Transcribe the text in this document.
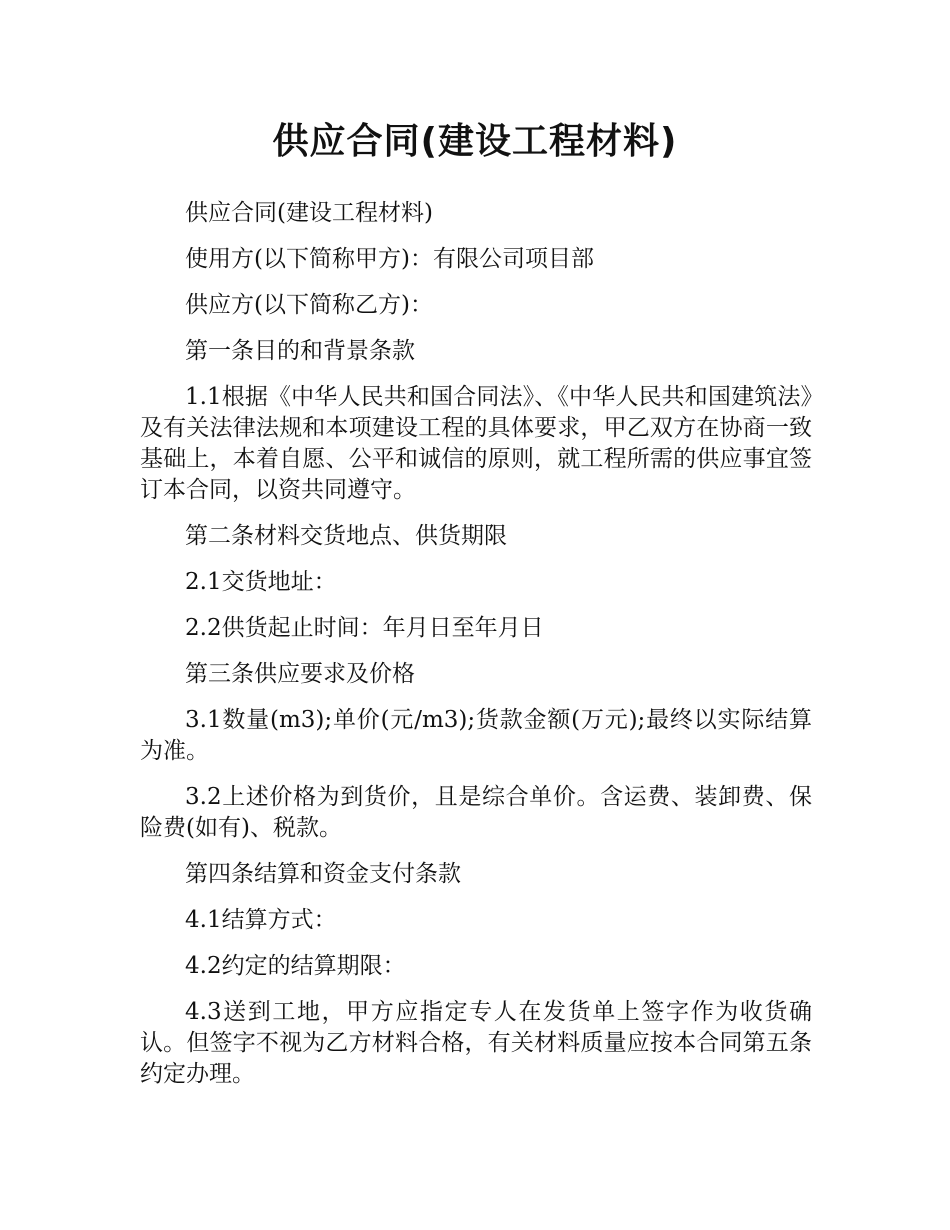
供应合同(建设工程材料)

供应合同(建设工程材料)

使用方(以下简称甲方)：有限公司项目部

供应方(以下简称乙方)：

第一条目的和背景条款

1.1根据《中华人民共和国合同法》、《中华人民共和国建筑法》及有关法律法规和本项建设工程的具体要求，甲乙双方在协商一致基础上，本着自愿、公平和诚信的原则，就工程所需的供应事宜签订本合同，以资共同遵守。

第二条材料交货地点、供货期限

2.1交货地址：

2.2供货起止时间：年月日至年月日

第三条供应要求及价格

3.1数量(m3);单价(元/m3);货款金额(万元);最终以实际结算为准。

3.2上述价格为到货价，且是综合单价。含运费、装卸费、保险费(如有)、税款。

第四条结算和资金支付条款

4.1结算方式：

4.2约定的结算期限：

4.3送到工地，甲方应指定专人在发货单上签字作为收货确认。但签字不视为乙方材料合格，有关材料质量应按本合同第五条约定办理。
